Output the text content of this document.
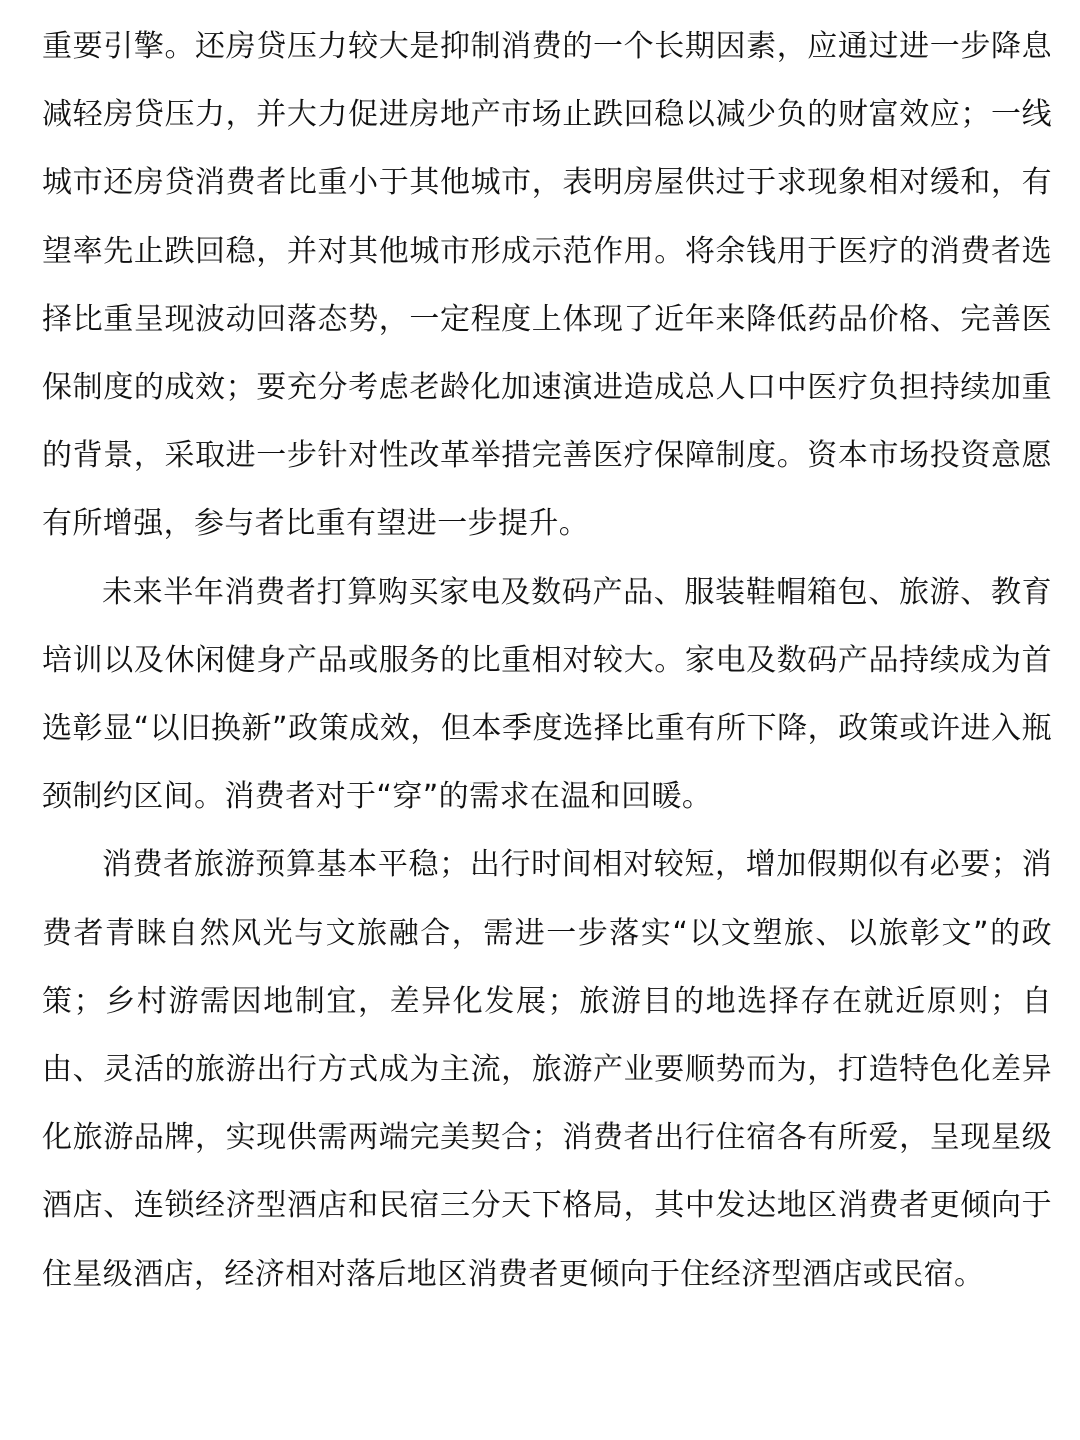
重要引擎。还房贷压力较大是抑制消费的一个长期因素，应通过进一步降息减轻房贷压力，并大力促进房地产市场止跌回稳以减少负的财富效应；一线城市还房贷消费者比重小于其他城市，表明房屋供过于求现象相对缓和，有望率先止跌回稳，并对其他城市形成示范作用。将余钱用于医疗的消费者选择比重呈现波动回落态势，一定程度上体现了近年来降低药品价格、完善医保制度的成效；要充分考虑老龄化加速演进造成总人口中医疗负担持续加重的背景，采取进一步针对性改革举措完善医疗保障制度。资本市场投资意愿有所增强，参与者比重有望进一步提升。

未来半年消费者打算购买家电及数码产品、服装鞋帽箱包、旅游、教育培训以及休闲健身产品或服务的比重相对较大。家电及数码产品持续成为首选彰显“以旧换新”政策成效，但本季度选择比重有所下降，政策或许进入瓶颈制约区间。消费者对于“穿”的需求在温和回暖。

消费者旅游预算基本平稳；出行时间相对较短，增加假期似有必要；消费者青睐自然风光与文旅融合，需进一步落实“以文塑旅、以旅彰文”的政策；乡村游需因地制宜，差异化发展；旅游目的地选择存在就近原则；自由、灵活的旅游出行方式成为主流，旅游产业要顺势而为，打造特色化差异化旅游品牌，实现供需两端完美契合；消费者出行住宿各有所爱，呈现星级酒店、连锁经济型酒店和民宿三分天下格局，其中发达地区消费者更倾向于住星级酒店，经济相对落后地区消费者更倾向于住经济型酒店或民宿。
